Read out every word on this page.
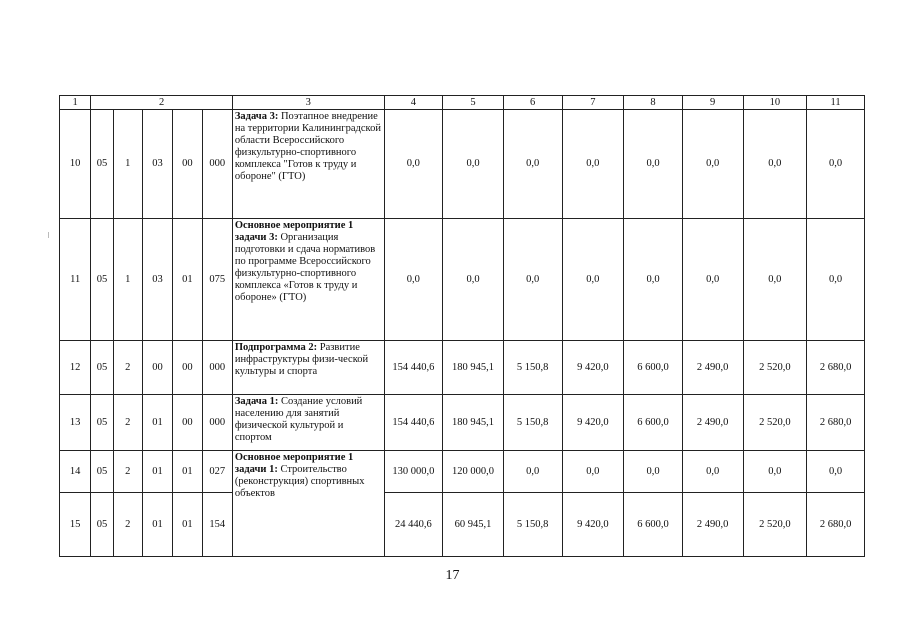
1	2					3	4	5	6	7	8	9	10	11
10	05	1	03	00	000	Задача 3: Поэтапное внедрение на территории Калининградской области Всероссийского физкультурно-спортивного комплекса "Готов к труду и обороне" (ГТО)	0,0	0,0	0,0	0,0	0,0	0,0	0,0	0,0
11	05	1	03	01	075	Основное мероприятие 1 задачи 3: Организация подготовки и сдача нормативов по программе Всероссийского физкультурно-спортивного комплекса «Готов к труду и обороне» (ГТО)	0,0	0,0	0,0	0,0	0,0	0,0	0,0	0,0
12	05	2	00	00	000	Подпрограмма 2: Развитие инфраструктуры физи-ческой культуры и спорта	154 440,6	180 945,1	5 150,8	9 420,0	6 600,0	2 490,0	2 520,0	2 680,0
13	05	2	01	00	000	Задача 1: Создание условий населению для занятий физической культурой и спортом	154 440,6	180 945,1	5 150,8	9 420,0	6 600,0	2 490,0	2 520,0	2 680,0
14	05	2	01	01	027	Основное мероприятие 1 задачи 1: Строительство (реконструкция) спортивных объектов	130 000,0	120 000,0	0,0	0,0	0,0	0,0	0,0	0,0
15	05	2	01	01	154		24 440,6	60 945,1	5 150,8	9 420,0	6 600,0	2 490,0	2 520,0	2 680,0
17
